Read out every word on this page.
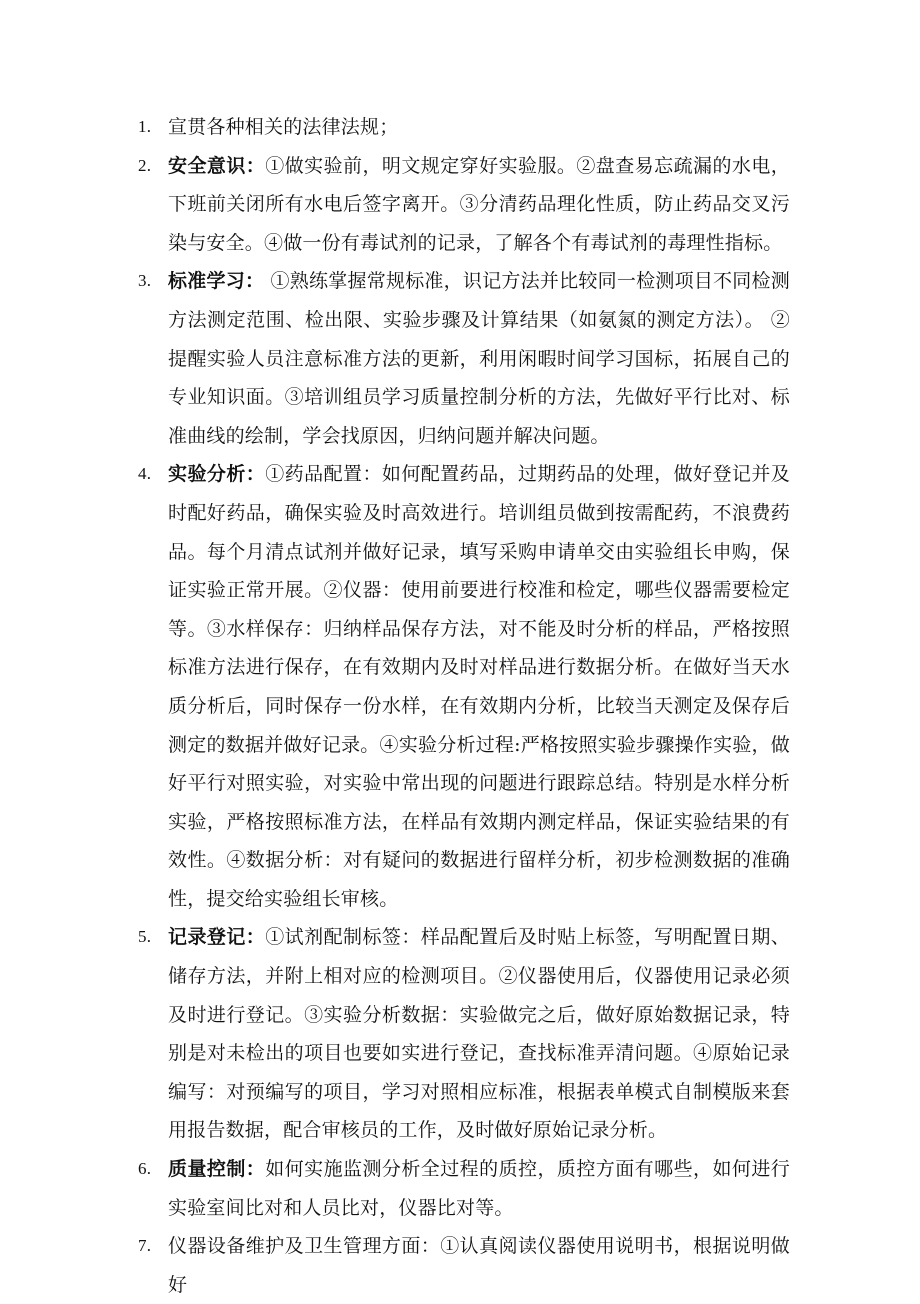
1. 宣贯各种相关的法律法规；
2. 安全意识：①做实验前，明文规定穿好实验服。②盘查易忘疏漏的水电，下班前关闭所有水电后签字离开。③分清药品理化性质，防止药品交叉污染与安全。④做一份有毒试剂的记录，了解各个有毒试剂的毒理性指标。
3. 标准学习： ①熟练掌握常规标准，识记方法并比较同一检测项目不同检测方法测定范围、检出限、实验步骤及计算结果（如氨氮的测定方法）。 ②提醒实验人员注意标准方法的更新，利用闲暇时间学习国标，拓展自己的专业知识面。③培训组员学习质量控制分析的方法，先做好平行比对、标准曲线的绘制，学会找原因，归纳问题并解决问题。
4. 实验分析：①药品配置：如何配置药品，过期药品的处理，做好登记并及时配好药品，确保实验及时高效进行。培训组员做到按需配药，不浪费药品。每个月清点试剂并做好记录，填写采购申请单交由实验组长申购，保证实验正常开展。②仪器：使用前要进行校准和检定，哪些仪器需要检定等。③水样保存：归纳样品保存方法，对不能及时分析的样品，严格按照标准方法进行保存，在有效期内及时对样品进行数据分析。在做好当天水质分析后，同时保存一份水样，在有效期内分析，比较当天测定及保存后测定的数据并做好记录。④实验分析过程:严格按照实验步骤操作实验，做好平行对照实验，对实验中常出现的问题进行跟踪总结。特别是水样分析实验，严格按照标准方法，在样品有效期内测定样品，保证实验结果的有效性。④数据分析：对有疑问的数据进行留样分析，初步检测数据的准确性，提交给实验组长审核。
5. 记录登记：①试剂配制标签：样品配置后及时贴上标签，写明配置日期、储存方法，并附上相对应的检测项目。②仪器使用后，仪器使用记录必须及时进行登记。③实验分析数据：实验做完之后，做好原始数据记录，特别是对未检出的项目也要如实进行登记，查找标准弄清问题。④原始记录编写：对预编写的项目，学习对照相应标准，根据表单模式自制模版来套用报告数据，配合审核员的工作，及时做好原始记录分析。
6. 质量控制：如何实施监测分析全过程的质控，质控方面有哪些，如何进行实验室间比对和人员比对，仪器比对等。
7. 仪器设备维护及卫生管理方面：①认真阅读仪器使用说明书，根据说明做好
